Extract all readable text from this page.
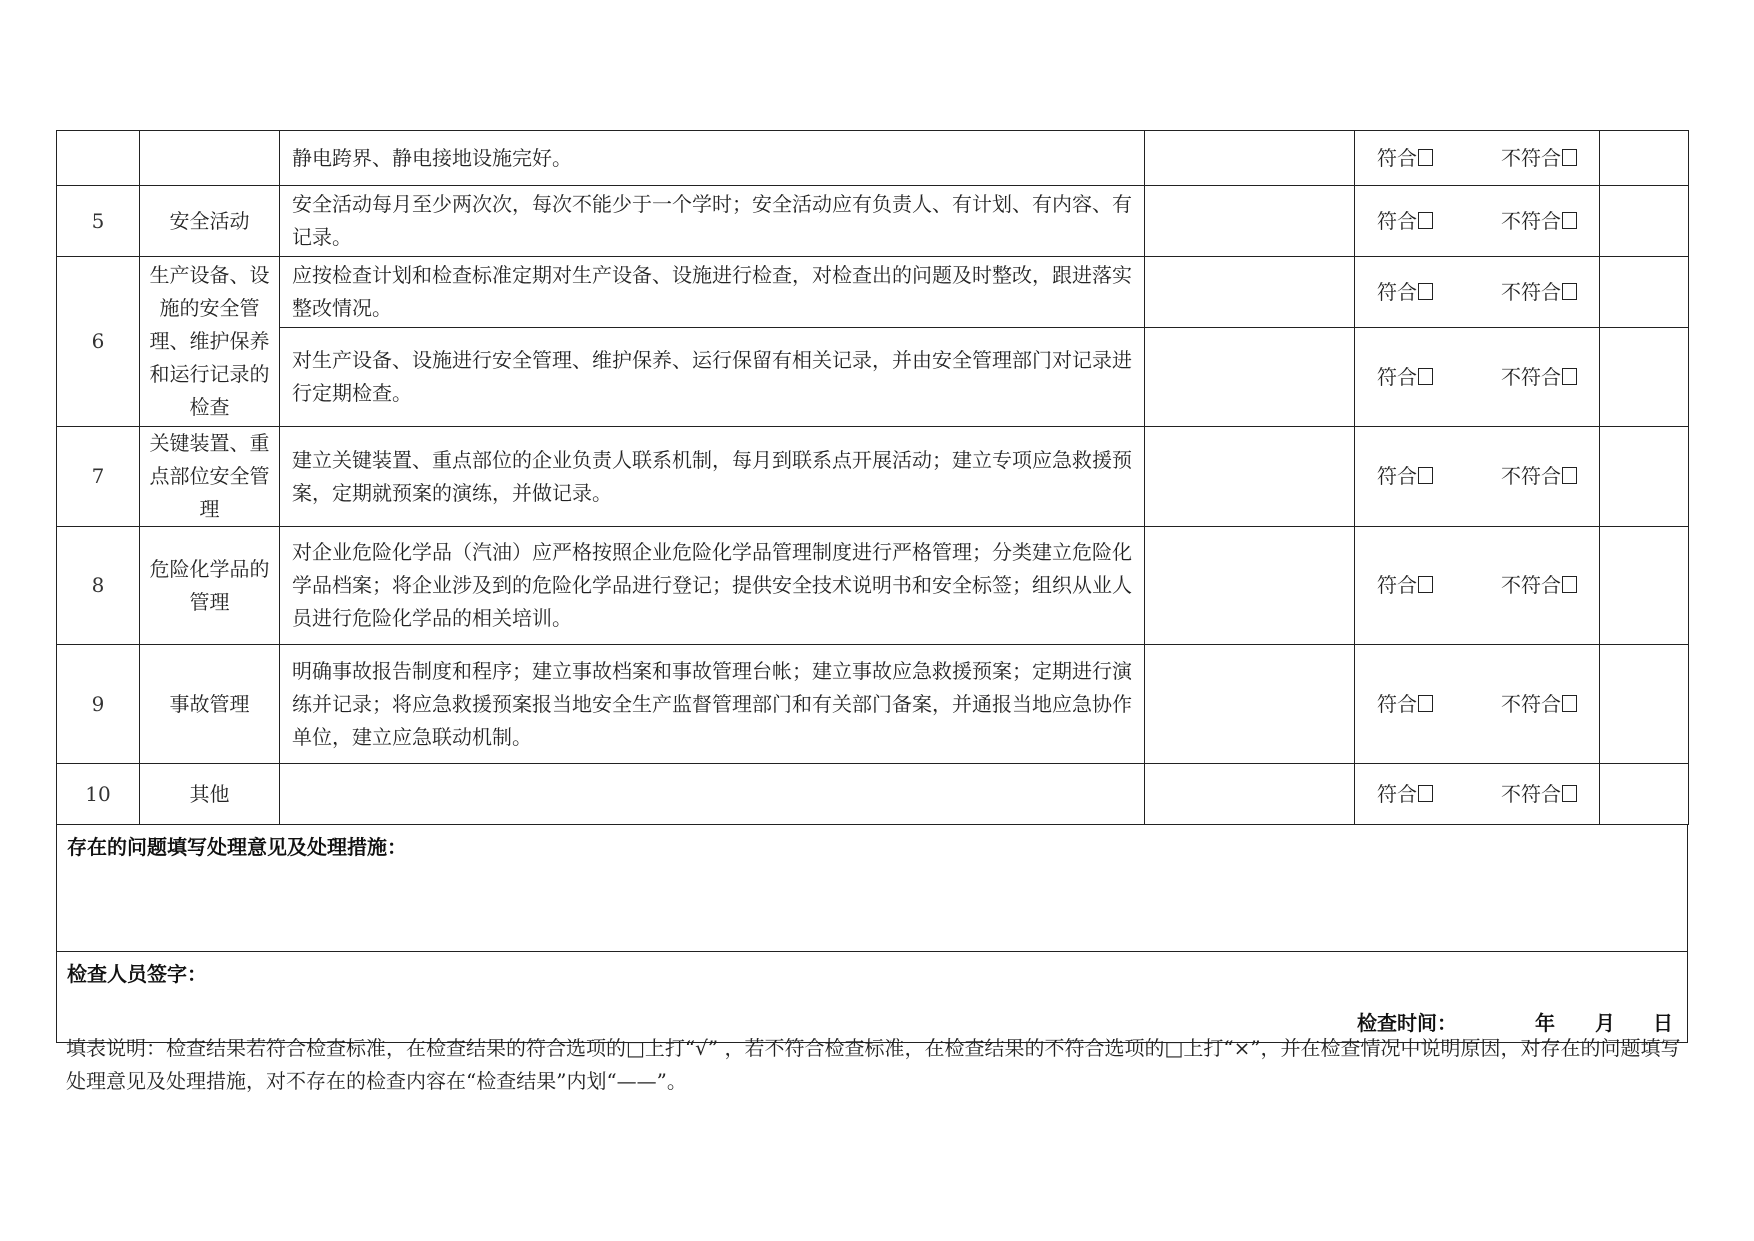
		静电跨界、静电接地设施完好。		符合 不符合	

5	安全活动	安全活动每月至少两次次，每次不能少于一个学时；安全活动应有负责人、有计划、有内容、有记录。		符合 不符合	

6	生产设备、设施的安全管理、维护保养和运行记录的检查	应按检查计划和检查标准定期对生产设备、设施进行检查，对检查出的问题及时整改，跟进落实整改情况。		符合 不符合	

		对生产设备、设施进行安全管理、维护保养、运行保留有相关记录，并由安全管理部门对记录进行定期检查。		符合 不符合	

7	关键装置、重点部位安全管理	建立关键装置、重点部位的企业负责人联系机制，每月到联系点开展活动；建立专项应急救援预案，定期就预案的演练，并做记录。		符合 不符合	

8	危险化学品的管理	对企业危险化学品（汽油）应严格按照企业危险化学品管理制度进行严格管理；分类建立危险化学品档案；将企业涉及到的危险化学品进行登记；提供安全技术说明书和安全标签；组织从业人员进行危险化学品的相关培训。		符合 不符合	

9	事故管理	明确事故报告制度和程序；建立事故档案和事故管理台帐；建立事故应急救援预案；定期进行演练并记录；将应急救援预案报当地安全生产监督管理部门和有关部门备案，并通报当地应急协作单位，建立应急联动机制。		符合 不符合	

10	其他			符合 不符合	

存在的问题填写处理意见及处理措施：
检查人员签字：
检查时间：	年 月 日
填表说明：检查结果若符合检查标准，在检查结果的符合选项的□上打“√” ，若不符合检查标准，在检查结果的不符合选项的□上打“×”，并在检查情况中说明原因，对存在的问题填写处理意见及处理措施，对不存在的检查内容在“检查结果”内划“——”。
